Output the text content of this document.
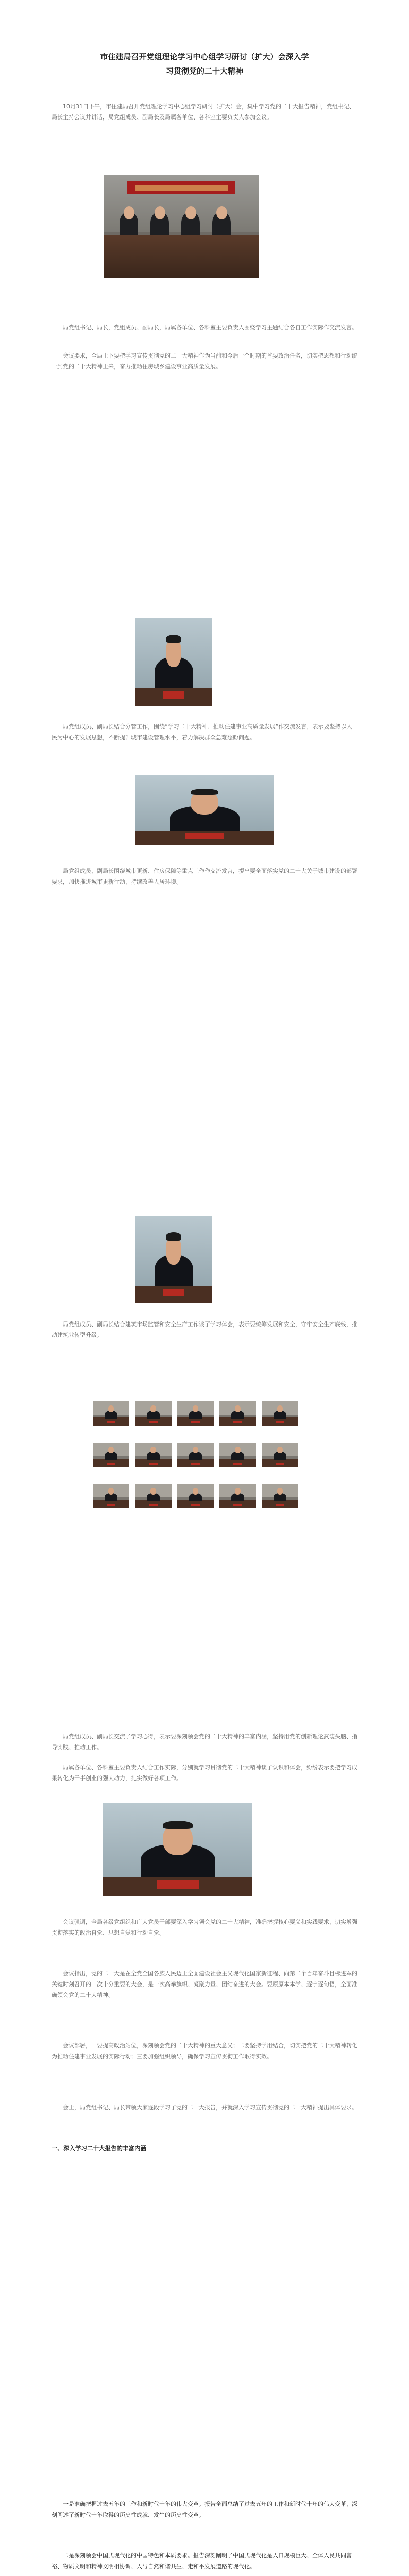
市住建局召开党组理论学习中心组学习研讨（扩大）会深入学
习贯彻党的二十大精神

10月31日下午，市住建局召开党组理论学习中心组学习研讨（扩大）会，集中学习党的二十大报告精神，党组书记、局长主持会议并讲话，局党组成员、副局长及局属各单位、各科室主要负责人参加会议。

局党组书记、局长，党组成员、副局长，局属各单位、各科室主要负责人围绕学习主题结合各自工作实际作交流发言。

会议要求，全局上下要把学习宣传贯彻党的二十大精神作为当前和今后一个时期的首要政治任务，切实把思想和行动统一到党的二十大精神上来，奋力推动住房城乡建设事业高质量发展。

局党组成员、副局长结合分管工作，围绕“学习二十大精神、推动住建事业高质量发展”作交流发言，表示要坚持以人民为中心的发展思想，不断提升城市建设管理水平，着力解决群众急难愁盼问题。

局党组成员、副局长围绕城市更新、住房保障等重点工作作交流发言，提出要全面落实党的二十大关于城市建设的部署要求，加快推进城市更新行动，持续改善人居环境。

局党组成员、副局长结合建筑市场监管和安全生产工作谈了学习体会，表示要统筹发展和安全，守牢安全生产底线，推动建筑业转型升级。

局党组成员、副局长交流了学习心得，表示要深刻领会党的二十大精神的丰富内涵，坚持用党的创新理论武装头脑、指导实践、推动工作。

局属各单位、各科室主要负责人结合工作实际，分别就学习贯彻党的二十大精神谈了认识和体会，纷纷表示要把学习成果转化为干事创业的强大动力，扎实做好各项工作。

会议强调，全局各级党组织和广大党员干部要深入学习领会党的二十大精神，准确把握核心要义和实践要求，切实增强贯彻落实的政治自觉、思想自觉和行动自觉。

会议指出，党的二十大是在全党全国各族人民迈上全面建设社会主义现代化国家新征程、向第二个百年奋斗目标进军的关键时刻召开的一次十分重要的大会，是一次高举旗帜、凝聚力量、团结奋进的大会。要原原本本学、逐字逐句悟，全面准确领会党的二十大精神。

会议部署，一要提高政治站位，深刻领会党的二十大精神的重大意义；二要坚持学用结合，切实把党的二十大精神转化为推动住建事业发展的实际行动；三要加强组织领导，确保学习宣传贯彻工作取得实效。

会上，局党组书记、局长带领大家逐段学习了党的二十大报告，并就深入学习宣传贯彻党的二十大精神提出具体要求。

一、深入学习二十大报告的丰富内涵

一是准确把握过去五年的工作和新时代十年的伟大变革。报告全面总结了过去五年的工作和新时代十年的伟大变革，深刻阐述了新时代十年取得的历史性成就、发生的历史性变革。

二是深刻领会中国式现代化的中国特色和本质要求。报告深刻阐明了中国式现代化是人口规模巨大、全体人民共同富裕、物质文明和精神文明相协调、人与自然和谐共生、走和平发展道路的现代化。
